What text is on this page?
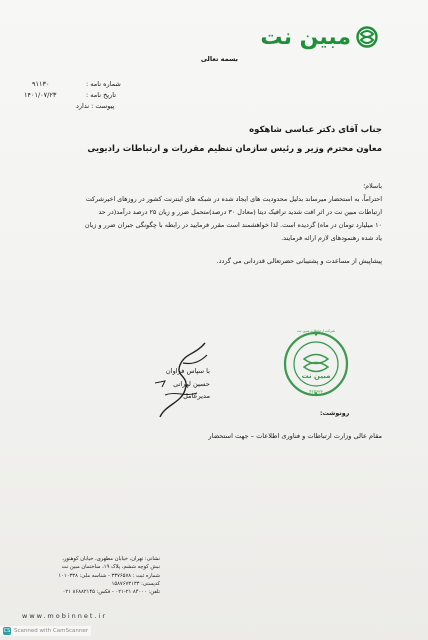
مبین نت
بسمه تعالی
شماره نامه :
۹۱۱۳۰
تاریخ نامه :
۱۴۰۱/۰۷/۲۳
پیوست : ندارد
جناب آقای دکتر عباسی شاهکوه
معاون محترم وزیر و رئیس سازمان تنظیم مقررات و ارتباطات رادیویی
باسلام؛
احتراماً، به استحضار میرساند بدلیل محدودیت های ایجاد شده در شبکه های اینترنت کشور در روزهای اخیرشرکت
ارتباطات مبین نت در اثر افت شدید ترافیک دیتا (معادل ۳۰ درصد)متحمل ضرر و زیان ۲۵ درصد درآمد(در حد
۱۰ میلیارد تومان در ماه) گردیده است. لذا خواهشمند است مقرر فرمایید در رابطه با چگونگی جبران ضرر و زیان
یاد شده رهنمودهای لازم ارائه فرمایند.
پیشاپیش از مساعدت و پشتیبانی حضرتعالی قدردانی می گردد.
با سپاس فراوان
حسین لهراتی
مدیرعامل
مبین نت
شرکت ارتباطات مبین نت
۴۲۵۶۳۳
رونوشت:
مقام عالی وزارت ارتباطات و فناوری اطلاعات – جهت استحضار
نشانی: تهران، خیابان مطهری، خیابان کوهنور،
نبش کوچه ششم، پلاک ۱۹، ساختمان مبین نت
شماره ثبت : ۳۳۷۶۵۷۸ - شناسه ملی: ۱۰۱۰۳۳۸
کدپستی: ۱۵۸۷۶۷۳۱۳۳
تلفن: ۸۴۰۰۰ ۲۱-۰۲۱ - فکس: ۸۶۸۸۲۱۴۵ ۰۲۱
www.mobinnet.ir
CS Scanned with CamScanner
